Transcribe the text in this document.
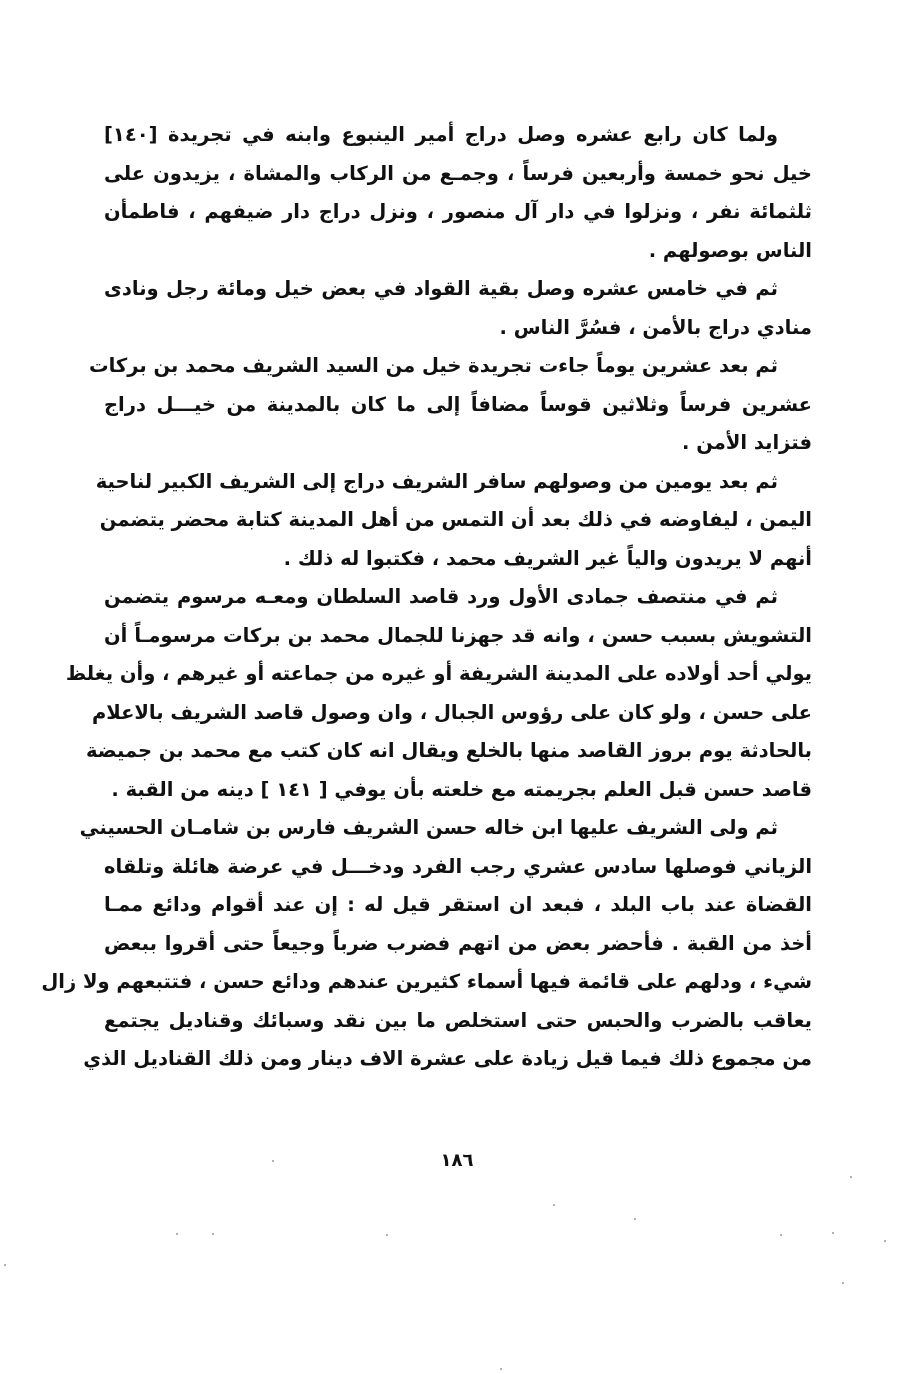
ولما كان رابع عشره وصل دراج أمير الينبوع وابنه في تجريدة [١٤٠]
خيل نحو خمسة وأربعين فرساً ، وجمـع من الركاب والمشاة ، يزيدون على
ثلثمائة نفر ، ونزلوا في دار آل منصور ، ونزل دراج دار ضيفهم ، فاطمأن
الناس بوصولهم .
ثم في خامس عشره وصل بقية القواد في بعض خيل ومائة رجل ونادى
منادي دراج بالأمن ، فسُرَّ الناس .
ثم بعد عشرين يوماً جاءت تجريدة خيل من السيد الشريف محمد بن بركات
عشرين فرساً وثلاثين قوساً مضافاً إلى ما كان بالمدينة من خيـــل دراج
فتزايد الأمن .
ثم بعد يومين من وصولهم سافر الشريف دراج إلى الشريف الكبير لناحية
اليمن ، ليفاوضه في ذلك بعد أن التمس من أهل المدينة كتابة محضر يتضمن
أنهم لا يريدون والياً غير الشريف محمد ، فكتبوا له ذلك .
ثم في منتصف جمادى الأول ورد قاصد السلطان ومعـه مرسوم يتضمن
التشويش بسبب حسن ، وانه قد جهزنا للجمال محمد بن بركات مرسومـاً أن
يولي أحد أولاده على المدينة الشريفة أو غيره من جماعته أو غيرهم ، وأن يغلظ
على حسن ، ولو كان على رؤوس الجبال ، وان وصول قاصد الشريف بالاعلام
بالحادثة يوم بروز القاصد منها بالخلع ويقال انه كان كتب مع محمد بن جميضة
قاصد حسن قبل العلم بجريمته مع خلعته بأن يوفي [ ١٤١ ] دينه من القبة .
ثم ولى الشريف عليها ابن خاله حسن الشريف فارس بن شامـان الحسيني
الزياني فوصلها سادس عشري رجب الفرد ودخـــل في عرضة هائلة وتلقاه
القضاة عند باب البلد ، فبعد ان استقر قيل له : إن عند أقوام ودائع ممـا
أخذ من القبة . فأحضر بعض من اتهم فضرب ضرباً وجيعاً حتى أقروا ببعض
شيء ، ودلهم على قائمة فيها أسماء كثيرين عندهم ودائع حسن ، فتتبعهم ولا زال
يعاقب بالضرب والحبس حتى استخلص ما بين نقد وسبائك وقناديل يجتمع
من مجموع ذلك فيما قيل زيادة على عشرة الاف دينار ومن ذلك القناديل الذي
١٨٦
